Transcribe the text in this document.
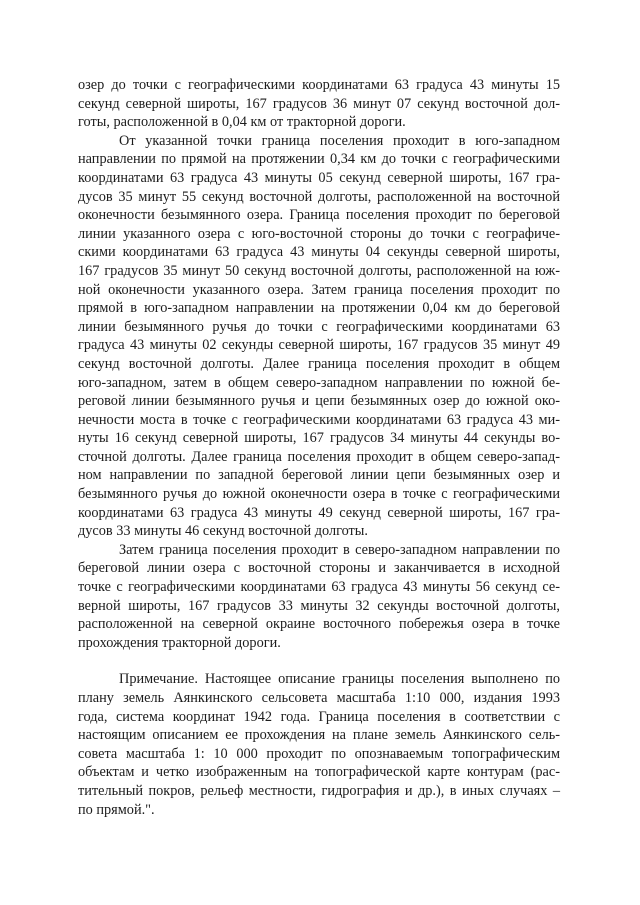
озер до точки с географическими координатами 63 градуса 43 минуты 15
секунд северной широты, 167 градусов 36 минут 07 секунд восточной дол-
готы, расположенной в 0,04 км от тракторной дороги.
От указанной точки граница поселения проходит в юго-западном
направлении по прямой на протяжении 0,34 км до точки с географическими
координатами 63 градуса 43 минуты 05 секунд северной широты, 167 гра-
дусов 35 минут 55 секунд восточной долготы, расположенной на восточной
оконечности безымянного озера. Граница поселения проходит по береговой
линии указанного озера с юго-восточной стороны до точки с географиче-
скими координатами 63 градуса 43 минуты 04 секунды северной широты,
167 градусов 35 минут 50 секунд восточной долготы, расположенной на юж-
ной оконечности указанного озера. Затем граница поселения проходит по
прямой в юго-западном направлении на протяжении 0,04 км до береговой
линии безымянного ручья до точки с географическими координатами 63
градуса 43 минуты 02 секунды северной широты, 167 градусов 35 минут 49
секунд восточной долготы. Далее граница поселения проходит в общем
юго-западном, затем в общем северо-западном направлении по южной бе-
реговой линии безымянного ручья и цепи безымянных озер до южной око-
нечности моста в точке с географическими координатами 63 градуса 43 ми-
нуты 16 секунд северной широты, 167 градусов 34 минуты 44 секунды во-
сточной долготы. Далее граница поселения проходит в общем северо-запад-
ном направлении по западной береговой линии цепи безымянных озер и
безымянного ручья до южной оконечности озера в точке с географическими
координатами 63 градуса 43 минуты 49 секунд северной широты, 167 гра-
дусов 33 минуты 46 секунд восточной долготы.
Затем граница поселения проходит в северо-западном направлении по
береговой линии озера с восточной стороны и заканчивается в исходной
точке с географическими координатами 63 градуса 43 минуты 56 секунд се-
верной широты, 167 градусов 33 минуты 32 секунды восточной долготы,
расположенной на северной окраине восточного побережья озера в точке
прохождения тракторной дороги.
Примечание. Настоящее описание границы поселения выполнено по
плану земель Аянкинского сельсовета масштаба 1:10 000, издания 1993
года, система координат 1942 года. Граница поселения в соответствии с
настоящим описанием ее прохождения на плане земель Аянкинского сель-
совета масштаба 1: 10 000 проходит по опознаваемым топографическим
объектам и четко изображенным на топографической карте контурам (рас-
тительный покров, рельеф местности, гидрография и др.), в иных случаях –
по прямой.".
